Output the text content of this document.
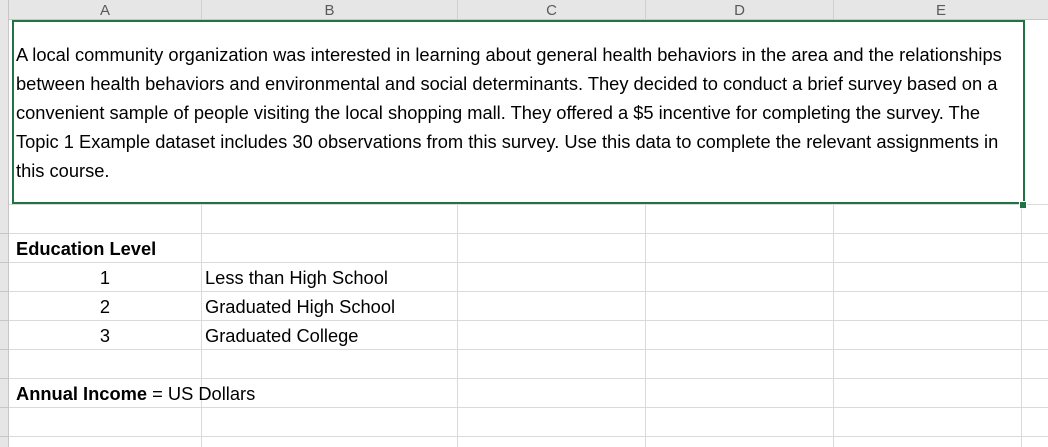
A	B	C	D	E

A local community organization was interested in learning about general health behaviors in the area and the relationships between health behaviors and environmental and social determinants. They decided to conduct a brief survey based on a convenient sample of people visiting the local shopping mall. They offered a $5 incentive for completing the survey. The Topic 1 Example dataset includes 30 observations from this survey. Use this data to complete the relevant assignments in this course.

Education Level
1	Less than High School
2	Graduated High School
3	Graduated College
Annual Income = US Dollars
